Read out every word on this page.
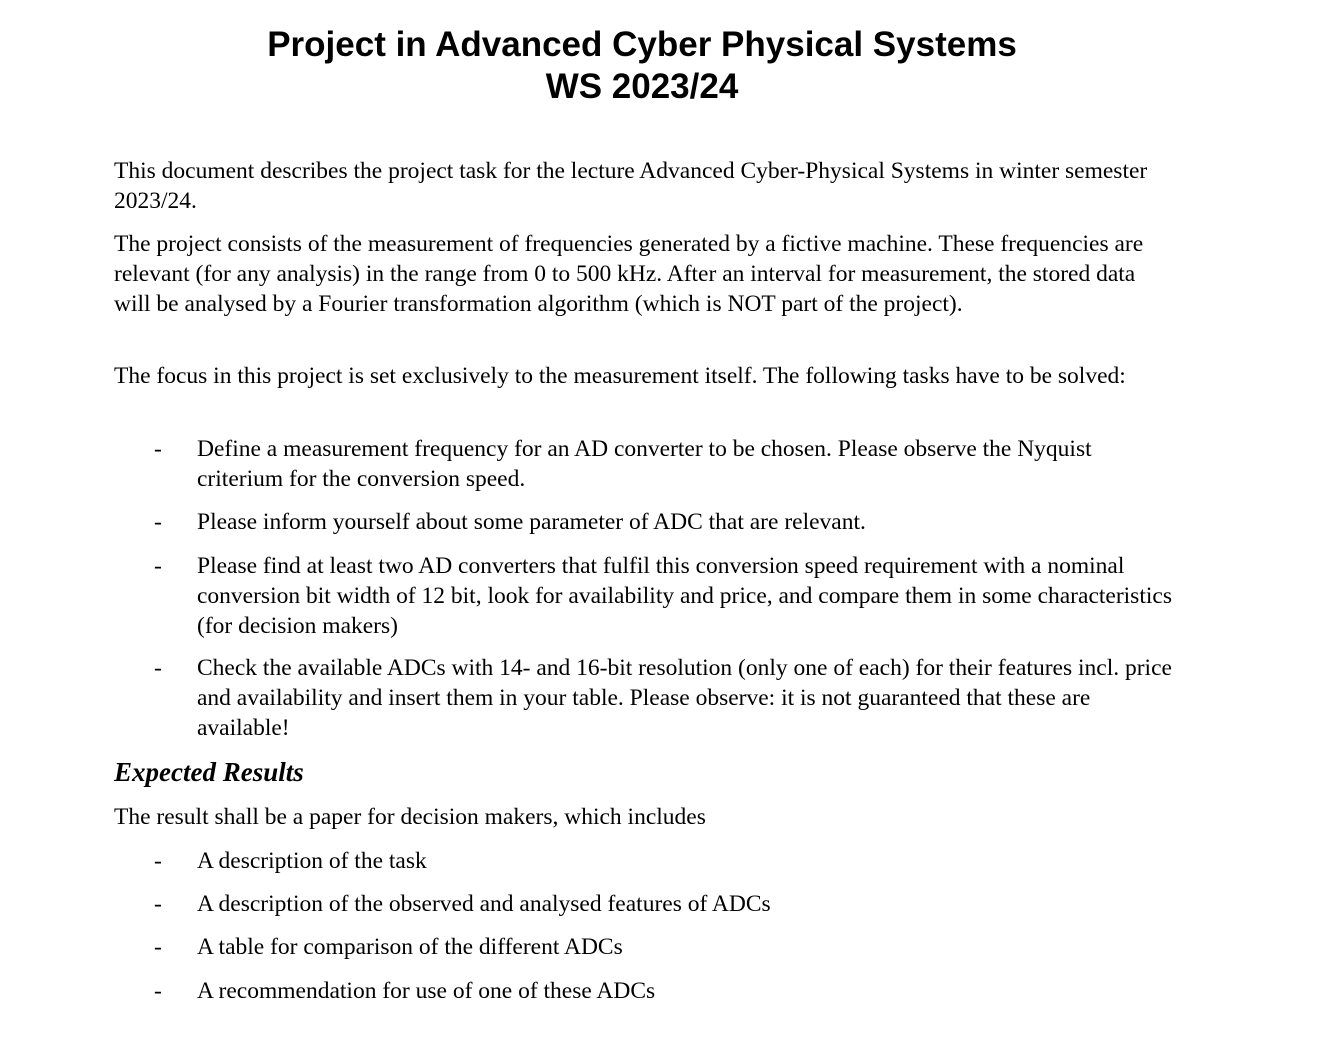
Project in Advanced Cyber Physical Systems
WS 2023/24

This document describes the project task for the lecture Advanced Cyber-Physical Systems in winter semester 2023/24.

The project consists of the measurement of frequencies generated by a fictive machine. These frequencies are relevant (for any analysis) in the range from 0 to 500 kHz. After an interval for measurement, the stored data will be analysed by a Fourier transformation algorithm (which is NOT part of the project).

The focus in this project is set exclusively to the measurement itself. The following tasks have to be solved:

- Define a measurement frequency for an AD converter to be chosen. Please observe the Nyquist criterium for the conversion speed.
- Please inform yourself about some parameter of ADC that are relevant.
- Please find at least two AD converters that fulfil this conversion speed requirement with a nominal conversion bit width of 12 bit, look for availability and price, and compare them in some characteristics (for decision makers)
- Check the available ADCs with 14- and 16-bit resolution (only one of each) for their features incl. price and availability and insert them in your table. Please observe: it is not guaranteed that these are available!
Expected Results

The result shall be a paper for decision makers, which includes

- A description of the task
- A description of the observed and analysed features of ADCs
- A table for comparison of the different ADCs
- A recommendation for use of one of these ADCs
